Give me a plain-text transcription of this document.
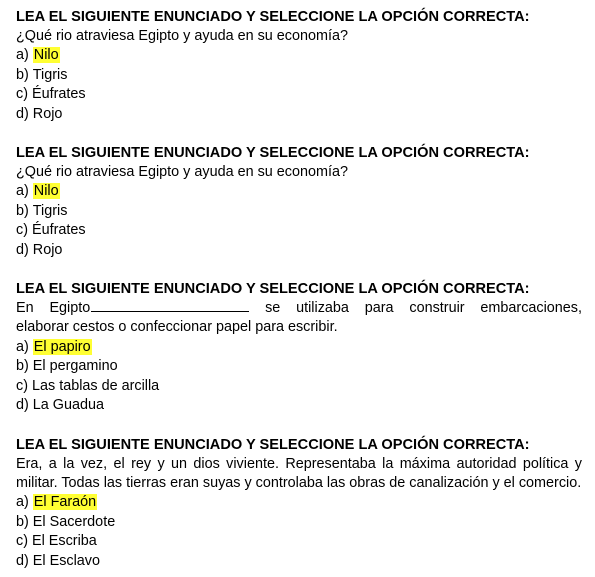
LEA EL SIGUIENTE ENUNCIADO Y SELECCIONE LA OPCIÓN CORRECTA:
¿Qué rio atraviesa Egipto y ayuda en su economía?
a) Nilo
b) Tigris
c) Éufrates
d) Rojo
LEA EL SIGUIENTE ENUNCIADO Y SELECCIONE LA OPCIÓN CORRECTA:
¿Qué rio atraviesa Egipto y ayuda en su economía?
a) Nilo
b) Tigris
c) Éufrates
d) Rojo
LEA EL SIGUIENTE ENUNCIADO Y SELECCIONE LA OPCIÓN CORRECTA:
En Egipto	se utilizaba para construir embarcaciones,
elaborar cestos o confeccionar papel para escribir.
a) El papiro
b) El pergamino
c) Las tablas de arcilla
d) La Guadua
LEA EL SIGUIENTE ENUNCIADO Y SELECCIONE LA OPCIÓN CORRECTA:
Era, a la vez, el rey y un dios viviente. Representaba la máxima autoridad política y
militar. Todas las tierras eran suyas y controlaba las obras de canalización y el comercio.
a) El Faraón
b) El Sacerdote
c) El Escriba
d) El Esclavo
